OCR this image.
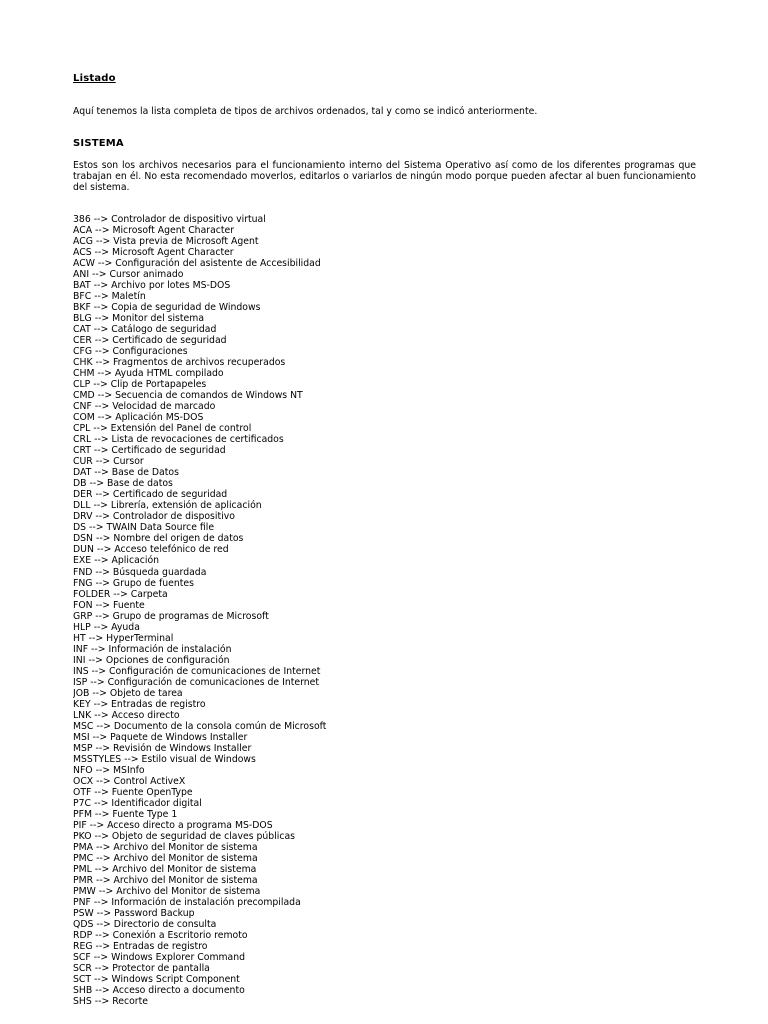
Listado
Aquí tenemos la lista completa de tipos de archivos ordenados, tal y como se indicó anteriormente.
SISTEMA
Estos son los archivos necesarios para el funcionamiento interno del Sistema Operativo así como de los diferentes programas que trabajan en él. No esta recomendado moverlos, editarlos o variarlos de ningún modo porque pueden afectar al buen funcionamiento del sistema.
386 --> Controlador de dispositivo virtual
ACA --> Microsoft Agent Character
ACG --> Vista previa de Microsoft Agent
ACS --> Microsoft Agent Character
ACW --> Configuración del asistente de Accesibilidad
ANI --> Cursor animado
BAT --> Archivo por lotes MS-DOS
BFC --> Maletín
BKF --> Copia de seguridad de Windows
BLG --> Monitor del sistema
CAT --> Catálogo de seguridad
CER --> Certificado de seguridad
CFG --> Configuraciones
CHK --> Fragmentos de archivos recuperados
CHM --> Ayuda HTML compilado
CLP --> Clip de Portapapeles
CMD --> Secuencia de comandos de Windows NT
CNF --> Velocidad de marcado
COM --> Aplicación MS-DOS
CPL --> Extensión del Panel de control
CRL --> Lista de revocaciones de certificados
CRT --> Certificado de seguridad
CUR --> Cursor
DAT --> Base de Datos
DB --> Base de datos
DER --> Certificado de seguridad
DLL --> Librería, extensión de aplicación
DRV --> Controlador de dispositivo
DS --> TWAIN Data Source file
DSN --> Nombre del origen de datos
DUN --> Acceso telefónico de red
EXE --> Aplicación
FND --> Búsqueda guardada
FNG --> Grupo de fuentes
FOLDER --> Carpeta
FON --> Fuente
GRP --> Grupo de programas de Microsoft
HLP --> Ayuda
HT --> HyperTerminal
INF --> Información de instalación
INI --> Opciones de configuración
INS --> Configuración de comunicaciones de Internet
ISP --> Configuración de comunicaciones de Internet
JOB --> Objeto de tarea
KEY --> Entradas de registro
LNK --> Acceso directo
MSC --> Documento de la consola común de Microsoft
MSI --> Paquete de Windows Installer
MSP --> Revisión de Windows Installer
MSSTYLES --> Estilo visual de Windows
NFO --> MSInfo
OCX --> Control ActiveX
OTF --> Fuente OpenType
P7C --> Identificador digital
PFM --> Fuente Type 1
PIF --> Acceso directo a programa MS-DOS
PKO --> Objeto de seguridad de claves públicas
PMA --> Archivo del Monitor de sistema
PMC --> Archivo del Monitor de sistema
PML --> Archivo del Monitor de sistema
PMR --> Archivo del Monitor de sistema
PMW --> Archivo del Monitor de sistema
PNF --> Información de instalación precompilada
PSW --> Password Backup
QDS --> Directorio de consulta
RDP --> Conexión a Escritorio remoto
REG --> Entradas de registro
SCF --> Windows Explorer Command
SCR --> Protector de pantalla
SCT --> Windows Script Component
SHB --> Acceso directo a documento
SHS --> Recorte
